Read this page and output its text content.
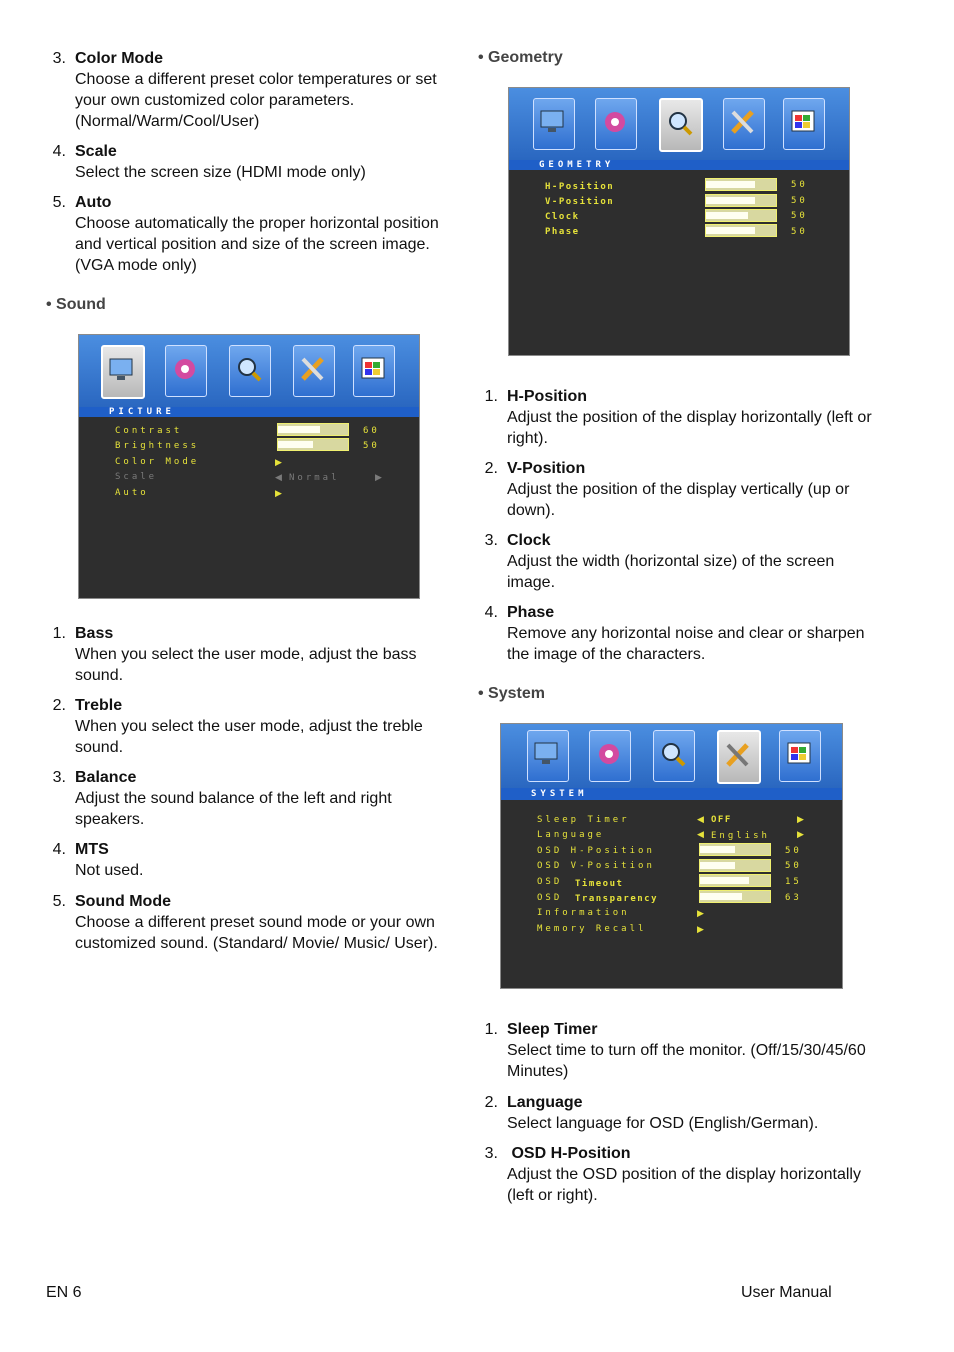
3. Color Mode
Choose a different preset color temperatures or set your own customized color parameters. (Normal/Warm/Cool/User)
4. Scale
Select the screen size (HDMI mode only)
5. Auto
Choose automatically the proper horizontal position and vertical position and size of the screen image. (VGA mode only)
• Sound
PICTURE
Contrast	60
Brightness	50
Color Mode	▶
Scale	◀ Normal	▶
Auto	▶
1. Bass
When you select the user mode, adjust the bass sound.
2. Treble
When you select the user mode, adjust the treble sound.
3. Balance
Adjust the sound balance of the left and right speakers.
4. MTS
Not used.
5. Sound Mode
Choose a different preset sound mode or your own customized sound. (Standard/ Movie/ Music/ User).
• Geometry
GEOMETRY
H-Position	50
V-Position	50
Clock	50
Phase	50
1. H-Position
Adjust the position of the display horizontally (left or right).
2. V-Position
Adjust the position of the display vertically (up or down).
3. Clock
Adjust the width (horizontal size) of the screen image.
4. Phase
Remove any horizontal noise and clear or sharpen the image of the characters.
• System
SYSTEM
Sleep Timer	◀ OFF	▶
Language	◀ English	▶
OSD H-Position	50
OSD V-Position	50
OSD Timeout	15
OSD Transparency	63
Information	▶
Memory Recall	▶
1. Sleep Timer
Select time to turn off the monitor. (Off/15/30/45/60 Minutes)
2. Language
Select language for OSD (English/German).
3. OSD H-Position
Adjust the OSD position of the display horizontally (left or right).
EN 6	User Manual
